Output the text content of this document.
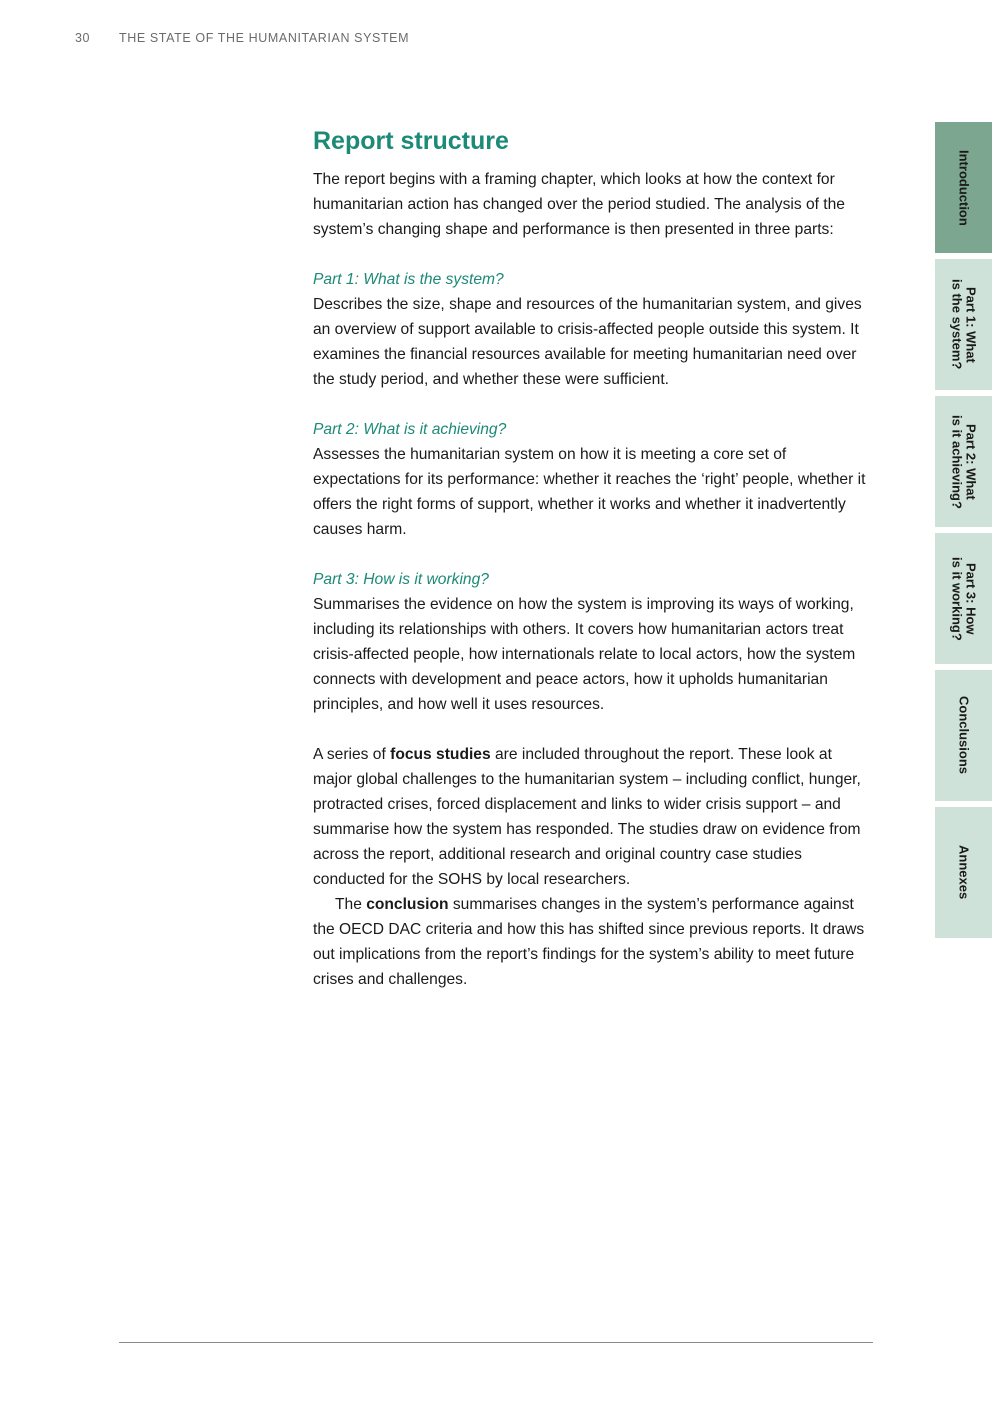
30 THE STATE OF THE HUMANITARIAN SYSTEM
Report structure

The report begins with a framing chapter, which looks at how the context for humanitarian action has changed over the period studied. The analysis of the system’s changing shape and performance is then presented in three parts:

Part 1: What is the system?

Describes the size, shape and resources of the humanitarian system, and gives an overview of support available to crisis-affected people outside this system. It examines the financial resources available for meeting humanitarian need over the study period, and whether these were sufficient.

Part 2: What is it achieving?

Assesses the humanitarian system on how it is meeting a core set of expectations for its performance: whether it reaches the ‘right’ people, whether it offers the right forms of support, whether it works and whether it inadvertently causes harm.

Part 3: How is it working?

Summarises the evidence on how the system is improving its ways of working, including its relationships with others. It covers how humanitarian actors treat crisis-affected people, how internationals relate to local actors, how the system connects with development and peace actors, how it upholds humanitarian principles, and how well it uses resources.

A series of focus studies are included throughout the report. These look at major global challenges to the humanitarian system – including conflict, hunger, protracted crises, forced displacement and links to wider crisis support – and summarise how the system has responded. The studies draw on evidence from across the report, additional research and original country case studies conducted for the SOHS by local researchers.

The conclusion summarises changes in the system’s performance against the OECD DAC criteria and how this has shifted since previous reports. It draws out implications from the report’s findings for the system’s ability to meet future crises and challenges.

Introduction
Part 1: What
is the system?
Part 2: What
is it achieving?
Part 3: How
is it working?
Conclusions
Annexes
